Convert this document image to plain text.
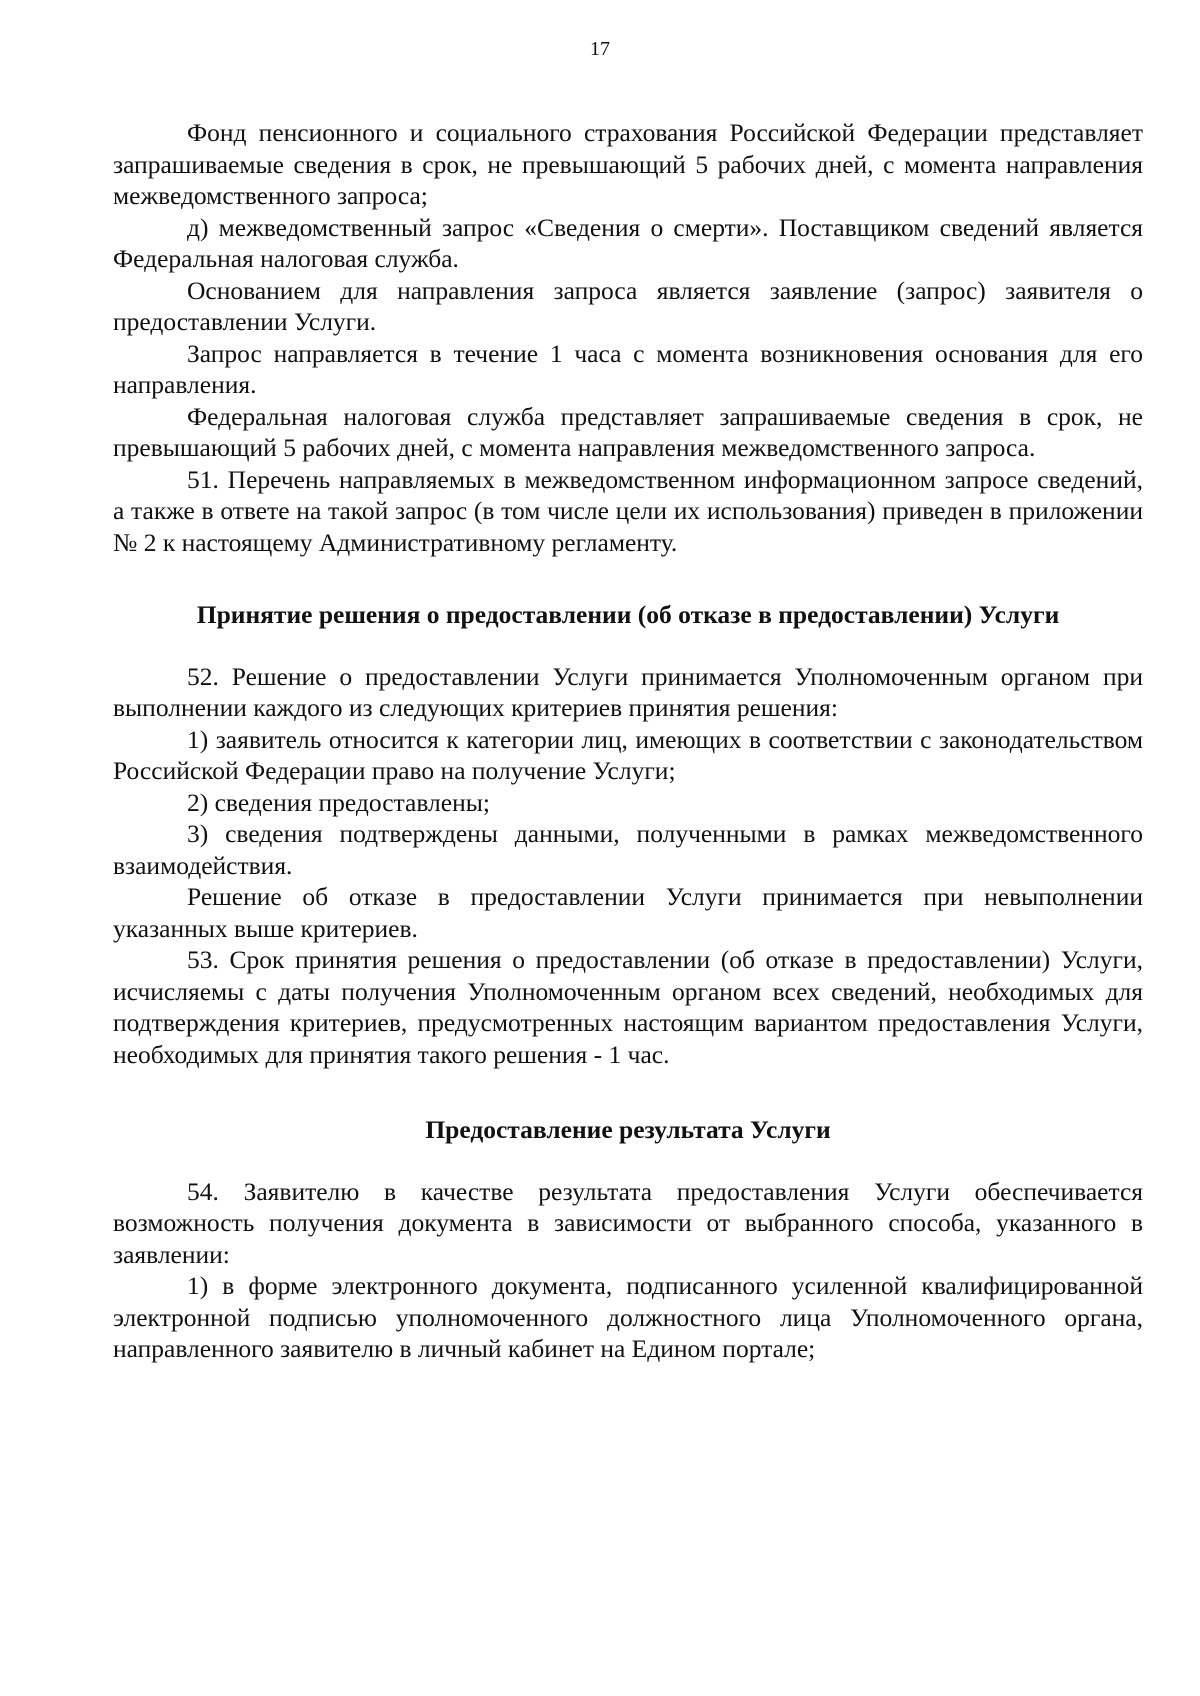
17

Фонд пенсионного и социального страхования Российской Федерации представляет запрашиваемые сведения в срок, не превышающий 5 рабочих дней, с момента направления межведомственного запроса;

д) межведомственный запрос «Сведения о смерти». Поставщиком сведений является Федеральная налоговая служба.

Основанием для направления запроса является заявление (запрос) заявителя о предоставлении Услуги.

Запрос направляется в течение 1 часа с момента возникновения основания для его направления.

Федеральная налоговая служба представляет запрашиваемые сведения в срок, не превышающий 5 рабочих дней, с момента направления межведомственного запроса.

51. Перечень направляемых в межведомственном информационном запросе сведений, а также в ответе на такой запрос (в том числе цели их использования) приведен в приложении № 2 к настоящему Административному регламенту.

Принятие решения о предоставлении (об отказе в предоставлении) Услуги

52. Решение о предоставлении Услуги принимается Уполномоченным органом при выполнении каждого из следующих критериев принятия решения:

1) заявитель относится к категории лиц, имеющих в соответствии с законодательством Российской Федерации право на получение Услуги;

2) сведения предоставлены;

3) сведения подтверждены данными, полученными в рамках межведомственного взаимодействия.

Решение об отказе в предоставлении Услуги принимается при невыполнении указанных выше критериев.

53. Срок принятия решения о предоставлении (об отказе в предоставлении) Услуги, исчисляемы с даты получения Уполномоченным органом всех сведений, необходимых для подтверждения критериев, предусмотренных настоящим вариантом предоставления Услуги, необходимых для принятия такого решения - 1 час.

Предоставление результата Услуги

54. Заявителю в качестве результата предоставления Услуги обеспечивается возможность получения документа в зависимости от выбранного способа, указанного в заявлении:

1) в форме электронного документа, подписанного усиленной квалифицированной электронной подписью уполномоченного должностного лица Уполномоченного органа, направленного заявителю в личный кабинет на Едином портале;
